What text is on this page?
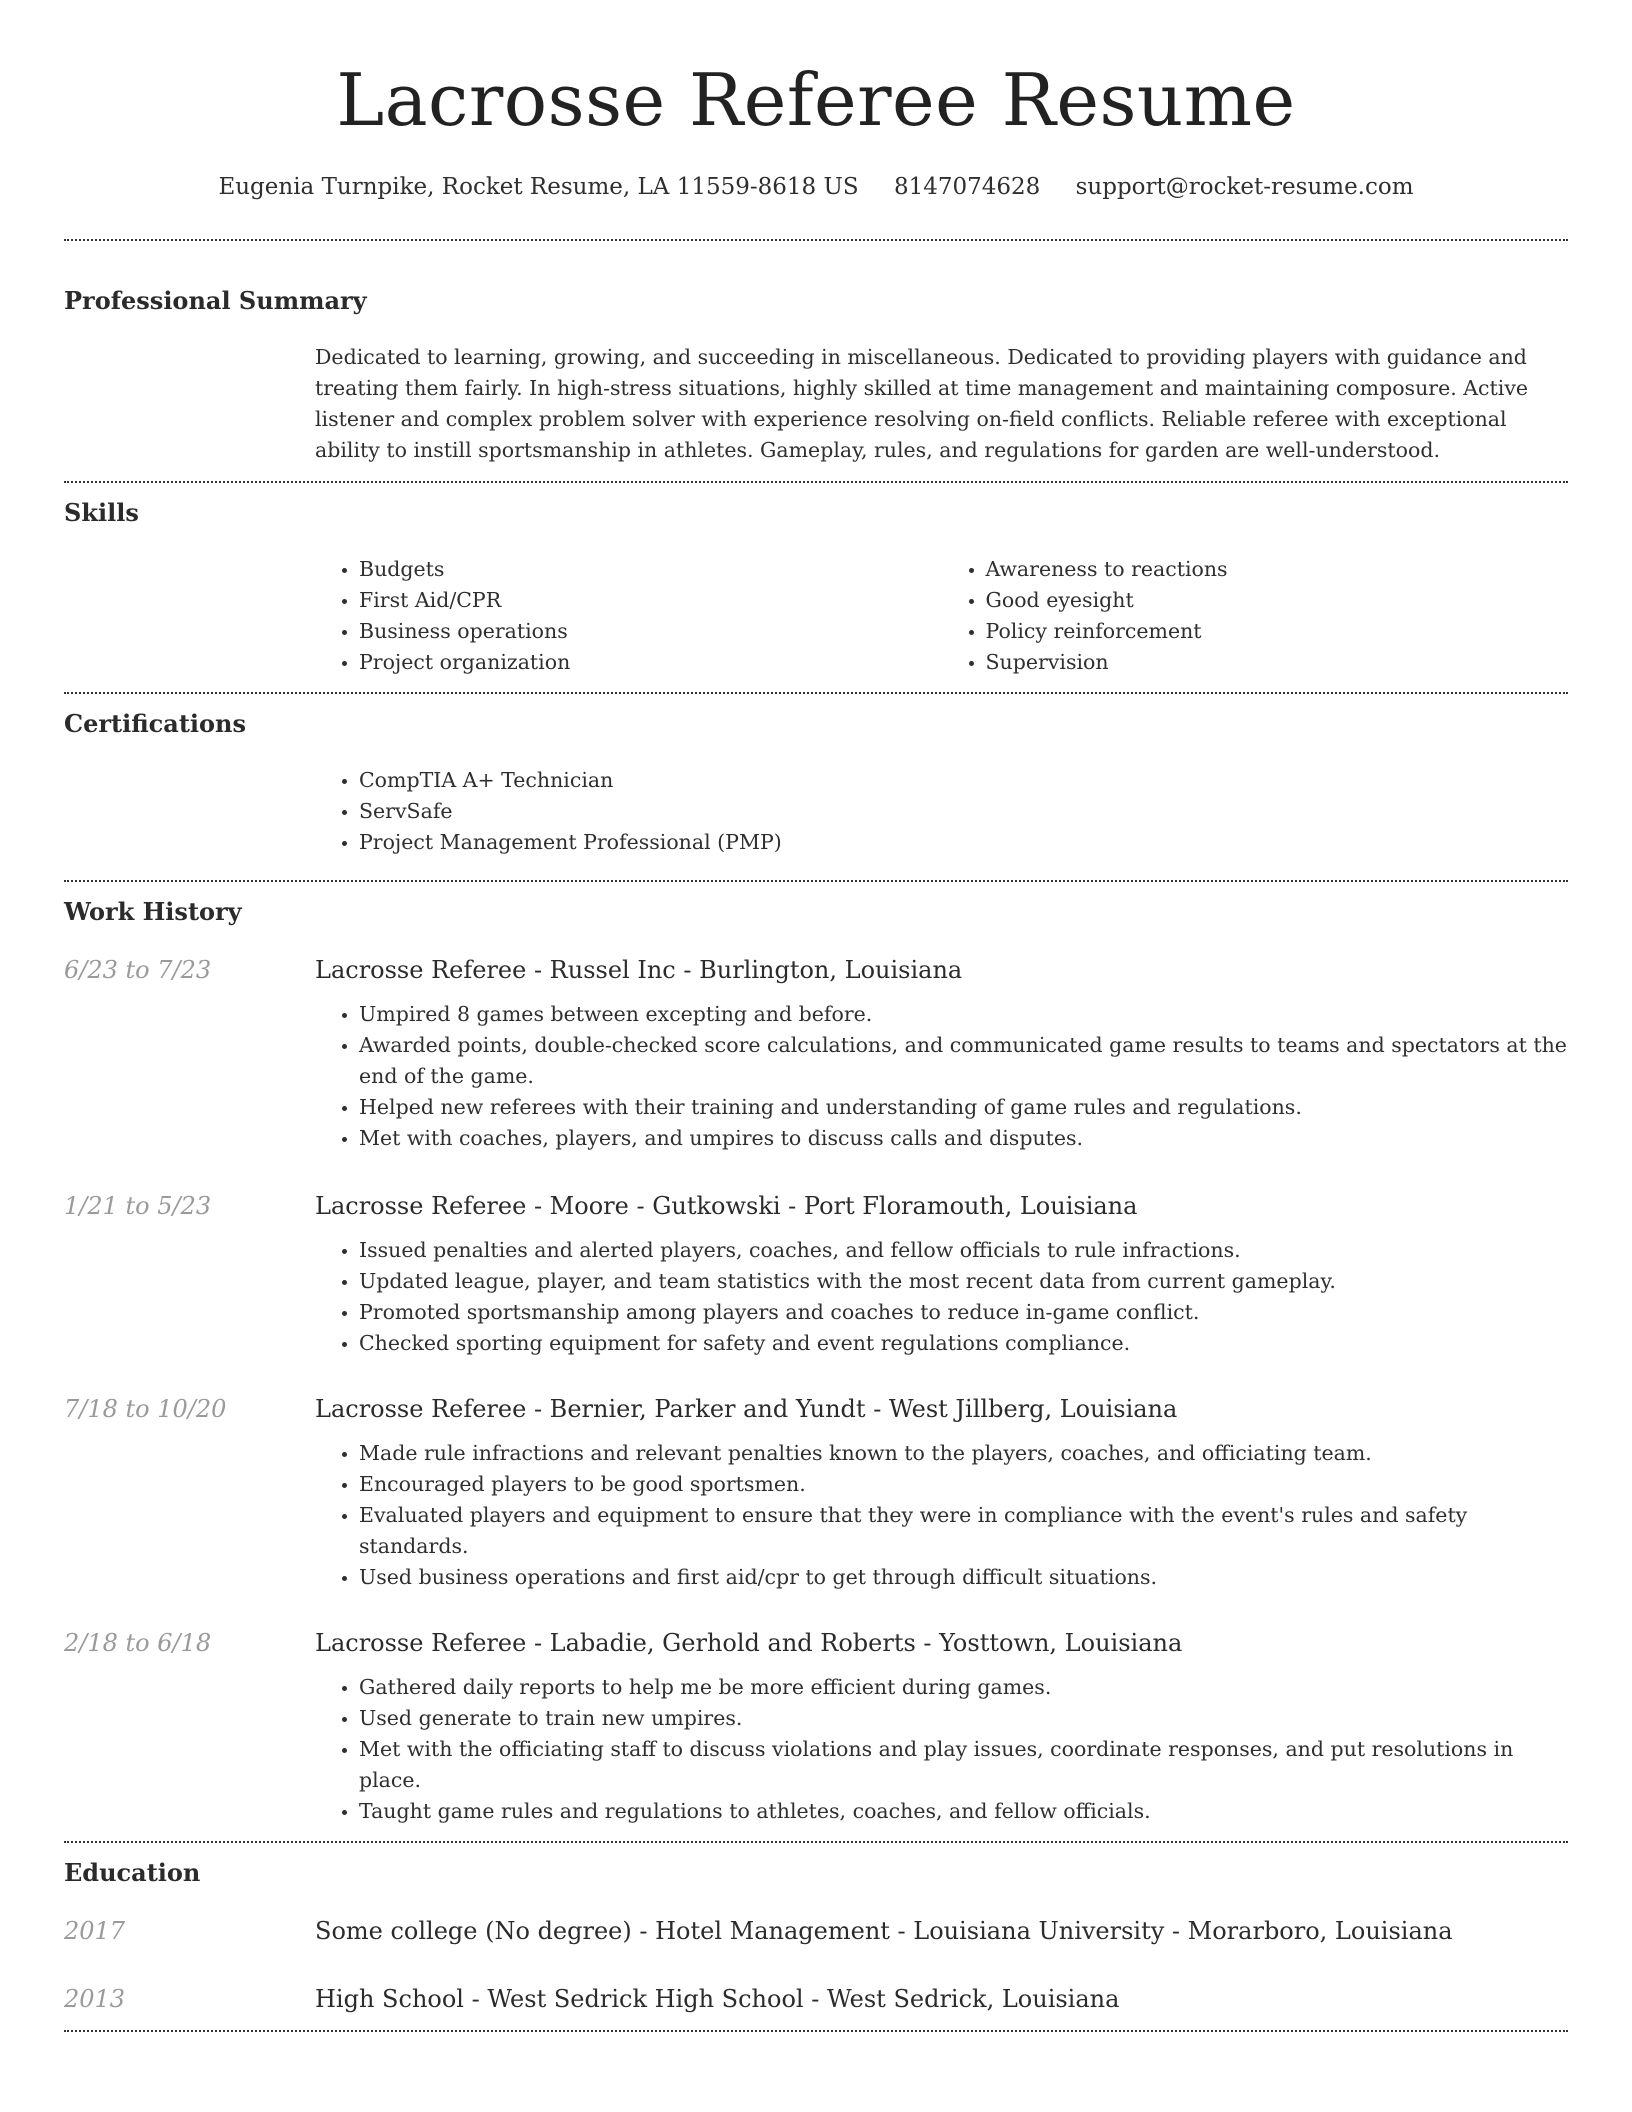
Lacrosse Referee Resume
Eugenia Turnpike, Rocket Resume, LA 11559-8618 US 8147074628 support@rocket-resume.com
Professional Summary
Dedicated to learning, growing, and succeeding in miscellaneous. Dedicated to providing players with guidance and treating them fairly. In high-stress situations, highly skilled at time management and maintaining composure. Active listener and complex problem solver with experience resolving on-field conflicts. Reliable referee with exceptional ability to instill sportsmanship in athletes. Gameplay, rules, and regulations for garden are well-understood.
Skills
• Budgets
• First Aid/CPR
• Business operations
• Project organization
• Awareness to reactions
• Good eyesight
• Policy reinforcement
• Supervision
Certifications
• CompTIA A+ Technician
• ServSafe
• Project Management Professional (PMP)
Work History
6/23 to 7/23	Lacrosse Referee - Russel Inc - Burlington, Louisiana
• Umpired 8 games between excepting and before.
• Awarded points, double-checked score calculations, and communicated game results to teams and spectators at the end of the game.
• Helped new referees with their training and understanding of game rules and regulations.
• Met with coaches, players, and umpires to discuss calls and disputes.
1/21 to 5/23	Lacrosse Referee - Moore - Gutkowski - Port Floramouth, Louisiana
• Issued penalties and alerted players, coaches, and fellow officials to rule infractions.
• Updated league, player, and team statistics with the most recent data from current gameplay.
• Promoted sportsmanship among players and coaches to reduce in-game conflict.
• Checked sporting equipment for safety and event regulations compliance.
7/18 to 10/20	Lacrosse Referee - Bernier, Parker and Yundt - West Jillberg, Louisiana
• Made rule infractions and relevant penalties known to the players, coaches, and officiating team.
• Encouraged players to be good sportsmen.
• Evaluated players and equipment to ensure that they were in compliance with the event's rules and safety standards.
• Used business operations and first aid/cpr to get through difficult situations.
2/18 to 6/18	Lacrosse Referee - Labadie, Gerhold and Roberts - Yosttown, Louisiana
• Gathered daily reports to help me be more efficient during games.
• Used generate to train new umpires.
• Met with the officiating staff to discuss violations and play issues, coordinate responses, and put resolutions in place.
• Taught game rules and regulations to athletes, coaches, and fellow officials.
Education
2017	Some college (No degree) - Hotel Management - Louisiana University - Morarboro, Louisiana
2013	High School - West Sedrick High School - West Sedrick, Louisiana
